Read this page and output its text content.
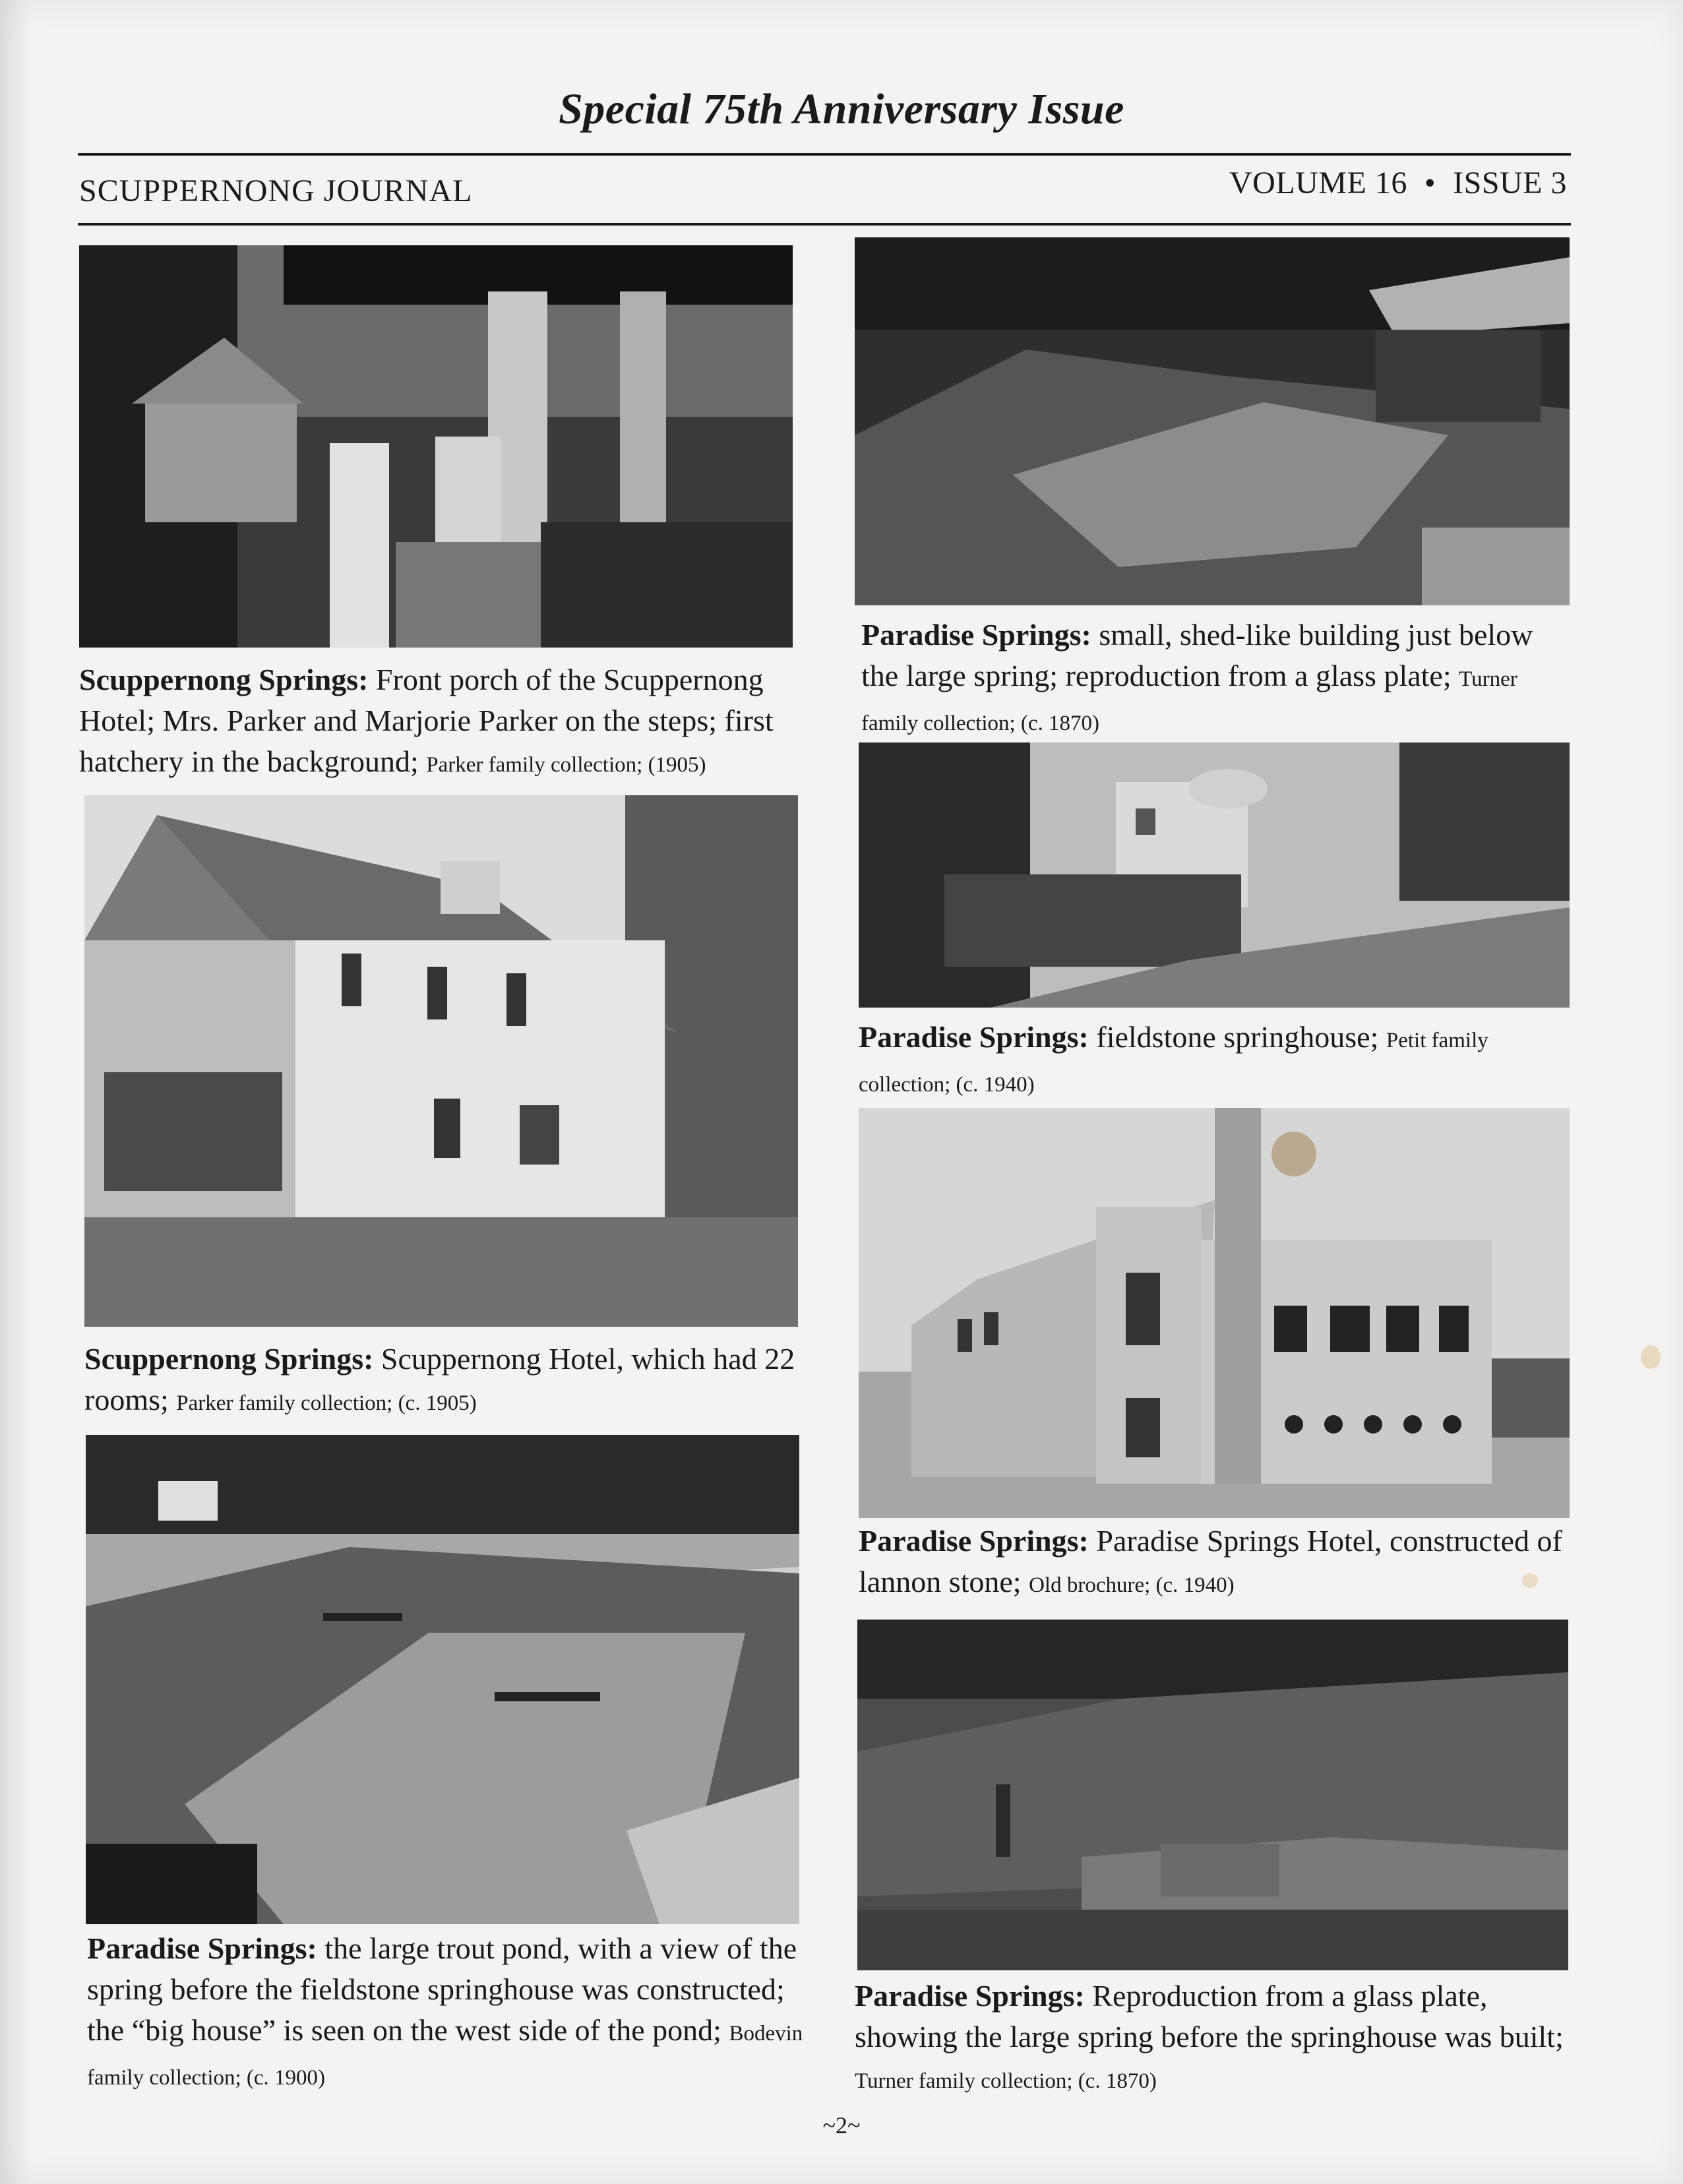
Special 75th Anniversary Issue
SCUPPERNONG JOURNAL	VOLUME 16 • ISSUE 3
Scuppernong Springs: Front porch of the Scuppernong Hotel; Mrs. Parker and Marjorie Parker on the steps; first hatchery in the background; Parker family collection; (1905)
Scuppernong Springs: Scuppernong Hotel, which had 22 rooms; Parker family collection; (c. 1905)
Paradise Springs: the large trout pond, with a view of the spring before the fieldstone springhouse was constructed; the “big house” is seen on the west side of the pond; Bodevin family collection; (c. 1900)
Paradise Springs: small, shed-like building just below the large spring; reproduction from a glass plate; Turner family collection; (c. 1870)
Paradise Springs: fieldstone springhouse; Petit family collection; (c. 1940)
Paradise Springs: Paradise Springs Hotel, constructed of lannon stone; Old brochure; (c. 1940)
Paradise Springs: Reproduction from a glass plate, showing the large spring before the springhouse was built; Turner family collection; (c. 1870)
~2~
